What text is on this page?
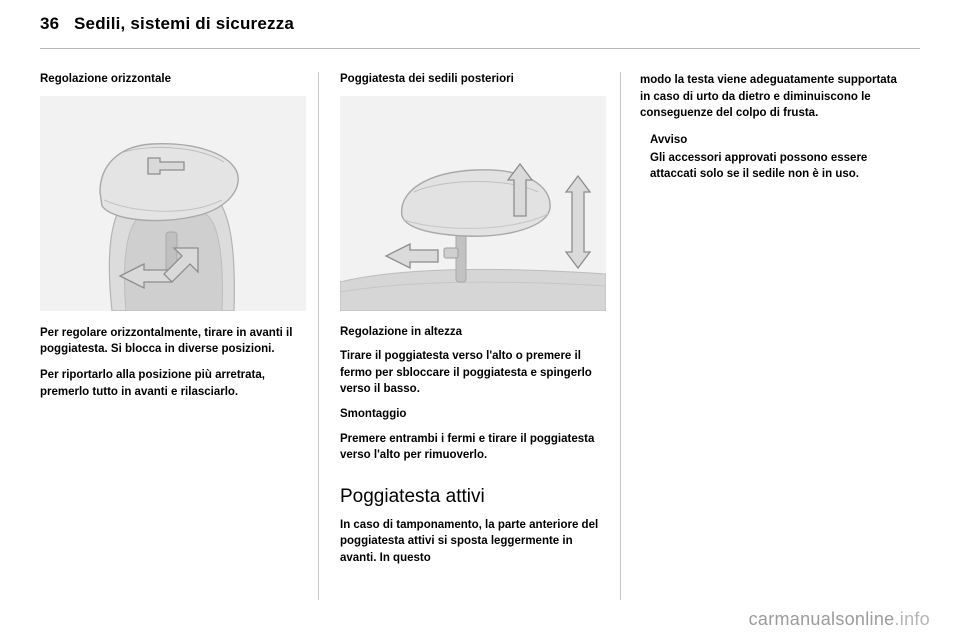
36 Sedili, sistemi di sicurezza
Regolazione orizzontale

Per regolare orizzontalmente, tirare in avanti il poggiatesta. Si blocca in diverse posizioni.

Per riportarlo alla posizione più arretrata, premerlo tutto in avanti e rilasciarlo.

Poggiatesta dei sedili posteriori
Regolazione in altezza

Tirare il poggiatesta verso l'alto o premere il fermo per sbloccare il poggiatesta e spingerlo verso il basso.

Smontaggio

Premere entrambi i fermi e tirare il poggiatesta verso l'alto per rimuoverlo.

Poggiatesta attivi

In caso di tamponamento, la parte anteriore del poggiatesta attivi si sposta leggermente in avanti. In questo

modo la testa viene adeguatamente supportata in caso di urto da dietro e diminuiscono le conseguenze del colpo di frusta.

Avviso

Gli accessori approvati possono essere attaccati solo se il sedile non è in uso.

carmanualsonline.info
